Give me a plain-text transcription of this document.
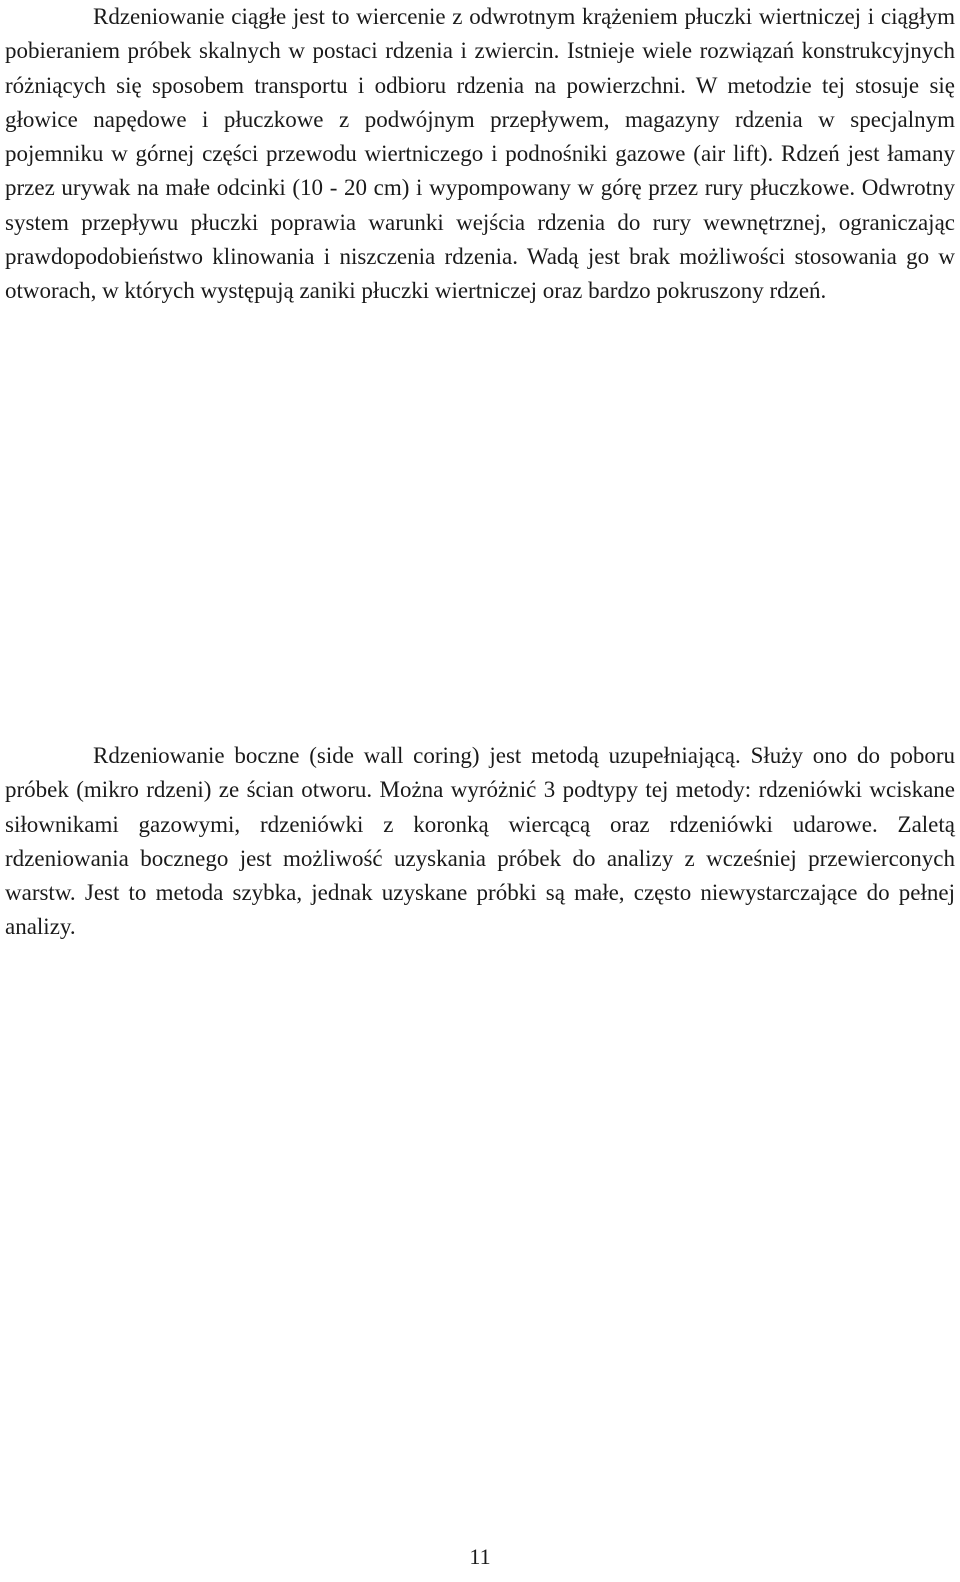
Rdzeniowanie ciągłe jest to wiercenie z odwrotnym krążeniem płuczki wiertniczej i ciągłym pobieraniem próbek skalnych w postaci rdzenia i zwiercin. Istnieje wiele rozwiązań konstrukcyjnych różniących się sposobem transportu i odbioru rdzenia na powierzchni. W metodzie tej stosuje się głowice napędowe i płuczkowe z podwójnym przepływem, magazyny rdzenia w specjalnym pojemniku w górnej części przewodu wiertniczego i podnośniki gazowe (air lift). Rdzeń jest łamany przez urywak na małe odcinki (10 - 20 cm) i wypompowany w górę przez rury płuczkowe. Odwrotny system przepływu płuczki poprawia warunki wejścia rdzenia do rury wewnętrznej, ograniczając prawdopodobieństwo klinowania i niszczenia rdzenia. Wadą jest brak możliwości stosowania go w otworach, w których występują zaniki płuczki wiertniczej oraz bardzo pokruszony rdzeń.

Rdzeniowanie boczne (side wall coring) jest metodą uzupełniającą. Służy ono do poboru próbek (mikro rdzeni) ze ścian otworu. Można wyróżnić 3 podtypy tej metody: rdzeniówki wciskane siłownikami gazowymi, rdzeniówki z koronką wiercącą oraz rdzeniówki udarowe. Zaletą rdzeniowania bocznego jest możliwość uzyskania próbek do analizy z wcześniej przewierconych warstw. Jest to metoda szybka, jednak uzyskane próbki są małe, często niewystarczające do pełnej analizy.

11
